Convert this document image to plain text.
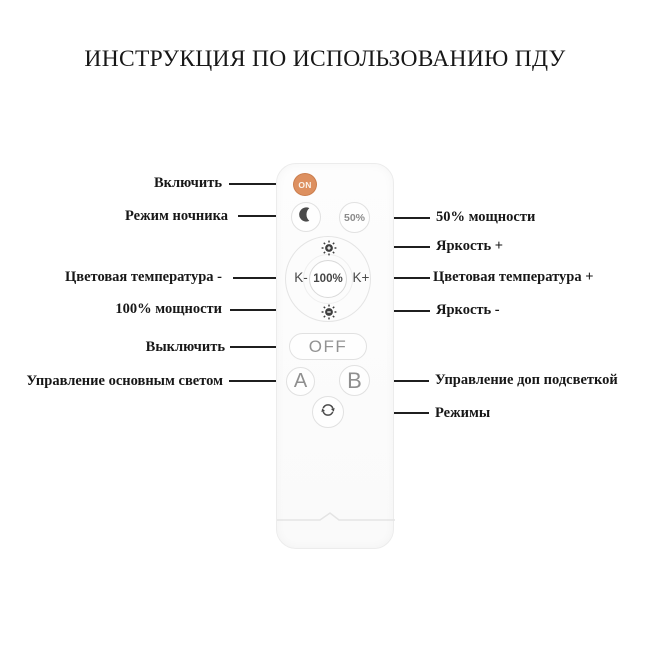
ИНСТРУКЦИЯ ПО ИСПОЛЬЗОВАНИЮ ПДУ
Включить
Режим ночника
Цветовая температура -
100% мощности
Выключить
Управление основным светом
50% мощности
Яркость +
Цветовая температура +
Яркость -
Управление доп подсветкой
Режимы
ON
50%
K- 100% K+
OFF
A	B
